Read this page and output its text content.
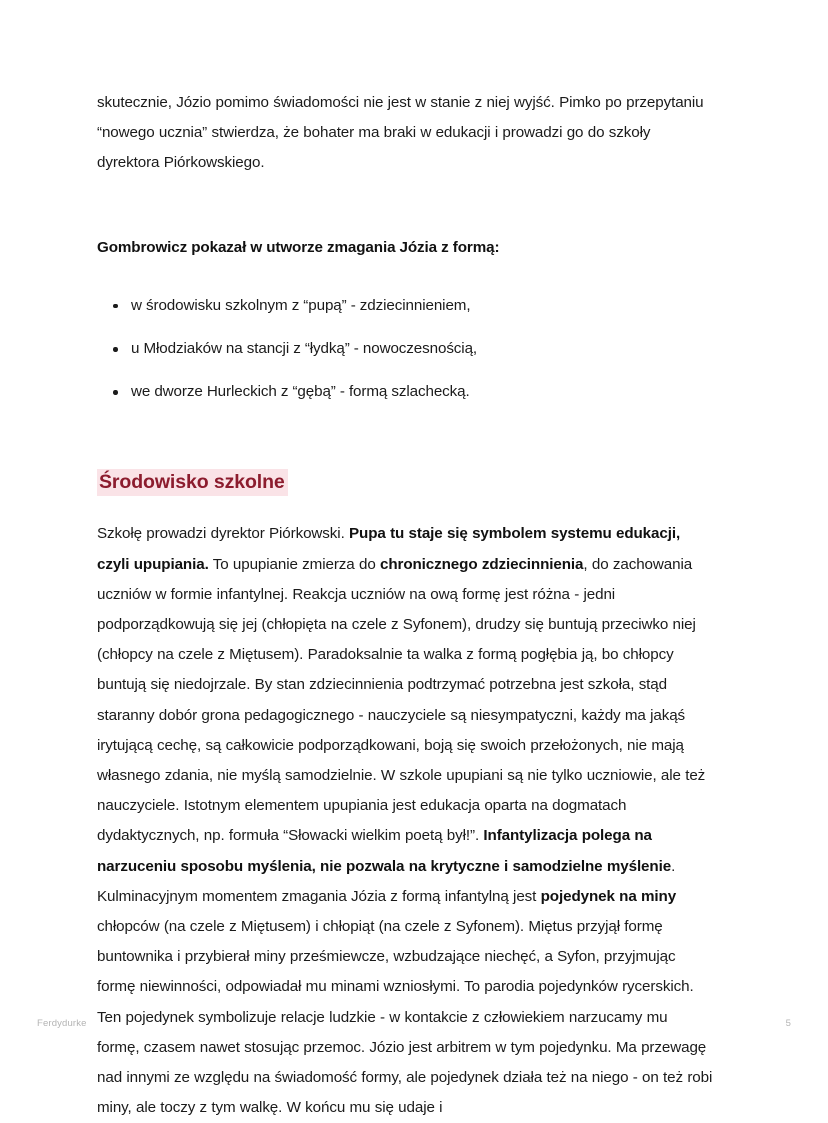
skutecznie, Józio pomimo świadomości nie jest w stanie z niej wyjść. Pimko po przepytaniu “nowego ucznia” stwierdza, że bohater ma braki w edukacji i prowadzi go do szkoły dyrektora Piórkowskiego.

Gombrowicz pokazał w utworze zmagania Józia z formą:

w środowisku szkolnym z “pupą” - zdziecinnieniem,
u Młodziaków na stancji z “łydką” - nowoczesnością,
we dworze Hurleckich z “gębą” - formą szlachecką.
Środowisko szkolne

Szkołę prowadzi dyrektor Piórkowski. Pupa tu staje się symbolem systemu edukacji, czyli upupiania. To upupianie zmierza do chronicznego zdziecinnienia, do zachowania uczniów w formie infantylnej. Reakcja uczniów na ową formę jest różna - jedni podporządkowują się jej (chłopięta na czele z Syfonem), drudzy się buntują przeciwko niej (chłopcy na czele z Miętusem). Paradoksalnie ta walka z formą pogłębia ją, bo chłopcy buntują się niedojrzale. By stan zdziecinnienia podtrzymać potrzebna jest szkoła, stąd staranny dobór grona pedagogicznego - nauczyciele są niesympatyczni, każdy ma jakąś irytującą cechę, są całkowicie podporządkowani, boją się swoich przełożonych, nie mają własnego zdania, nie myślą samodzielnie. W szkole upupiani są nie tylko uczniowie, ale też nauczyciele. Istotnym elementem upupiania jest edukacja oparta na dogmatach dydaktycznych, np. formuła “Słowacki wielkim poetą był!”. Infantylizacja polega na narzuceniu sposobu myślenia, nie pozwala na krytyczne i samodzielne myślenie. Kulminacyjnym momentem zmagania Józia z formą infantylną jest pojedynek na miny chłopców (na czele z Miętusem) i chłopiąt (na czele z Syfonem). Miętus przyjął formę buntownika i przybierał miny prześmiewcze, wzbudzające niechęć, a Syfon, przyjmując formę niewinności, odpowiadał mu minami wzniosłymi. To parodia pojedynków rycerskich. Ten pojedynek symbolizuje relacje ludzkie - w kontakcie z człowiekiem narzucamy mu formę, czasem nawet stosując przemoc. Józio jest arbitrem w tym pojedynku. Ma przewagę nad innymi ze względu na świadomość formy, ale pojedynek działa też na niego - on też robi miny, ale toczy z tym walkę. W końcu mu się udaje i

Ferdydurke	5
